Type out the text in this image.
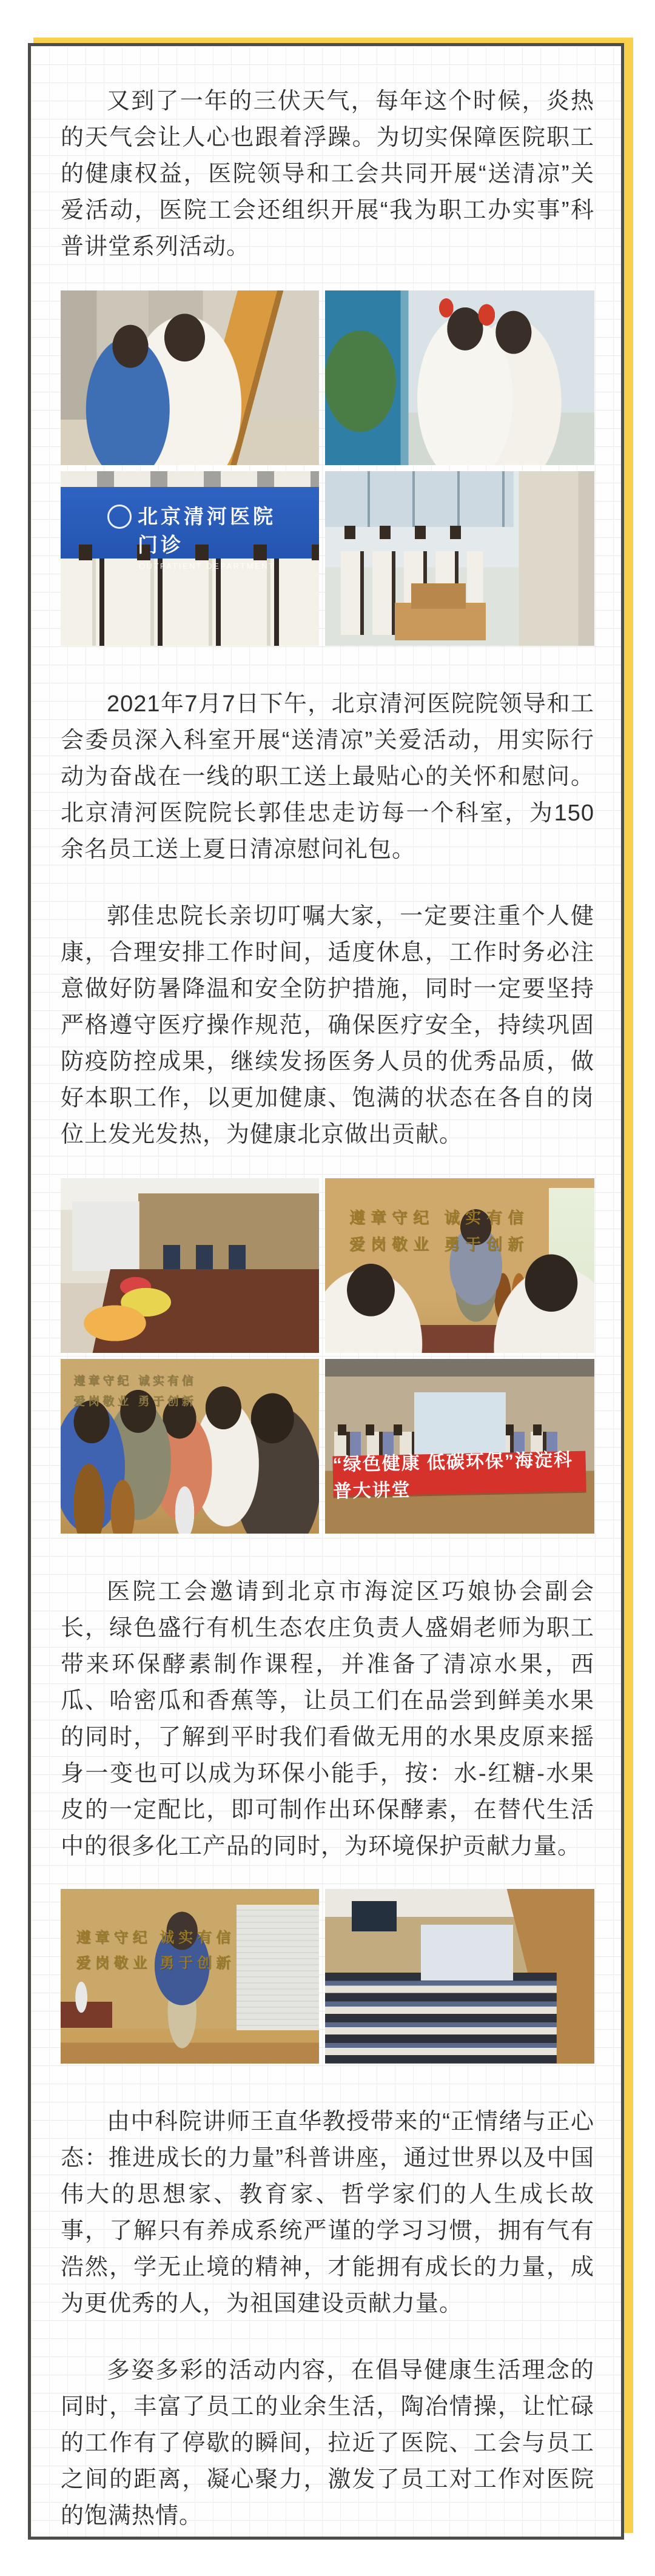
又到了一年的三伏天气，每年这个时候，炎热的天气会让人心也跟着浮躁。为切实保障医院职工的健康权益，医院领导和工会共同开展“送清凉”关爱活动，医院工会还组织开展“我为职工办实事”科普讲堂系列活动。

北京清河医院门诊
OUTPATIENT DEPARTMENT

2021年7月7日下午，北京清河医院院领导和工会委员深入科室开展“送清凉”关爱活动，用实际行动为奋战在一线的职工送上最贴心的关怀和慰问。北京清河医院院长郭佳忠走访每一个科室，为150余名员工送上夏日清凉慰问礼包。

郭佳忠院长亲切叮嘱大家，一定要注重个人健康，合理安排工作时间，适度休息，工作时务必注意做好防暑降温和安全防护措施，同时一定要坚持严格遵守医疗操作规范，确保医疗安全，持续巩固防疫防控成果，继续发扬医务人员的优秀品质，做好本职工作，以更加健康、饱满的状态在各自的岗位上发光发热，为健康北京做出贡献。

遵章守纪 诚实有信
爱岗敬业 勇于创新
遵章守纪 诚实有信
爱岗敬业 勇于创新
“绿色健康 低碳环保”海淀科普大讲堂

医院工会邀请到北京市海淀区巧娘协会副会长，绿色盛行有机生态农庄负责人盛娟老师为职工带来环保酵素制作课程，并准备了清凉水果，西瓜、哈密瓜和香蕉等，让员工们在品尝到鲜美水果的同时，了解到平时我们看做无用的水果皮原来摇身一变也可以成为环保小能手，按：水-红糖-水果皮的一定配比，即可制作出环保酵素，在替代生活中的很多化工产品的同时，为环境保护贡献力量。

遵章守纪 诚实有信
爱岗敬业 勇于创新

由中科院讲师王直华教授带来的“正情绪与正心态：推进成长的力量”科普讲座，通过世界以及中国伟大的思想家、教育家、哲学家们的人生成长故事，了解只有养成系统严谨的学习习惯，拥有气有浩然，学无止境的精神，才能拥有成长的力量，成为更优秀的人，为祖国建设贡献力量。

多姿多彩的活动内容，在倡导健康生活理念的同时，丰富了员工的业余生活，陶冶情操，让忙碌的工作有了停歇的瞬间，拉近了医院、工会与员工之间的距离，凝心聚力，激发了员工对工作对医院的饱满热情。
